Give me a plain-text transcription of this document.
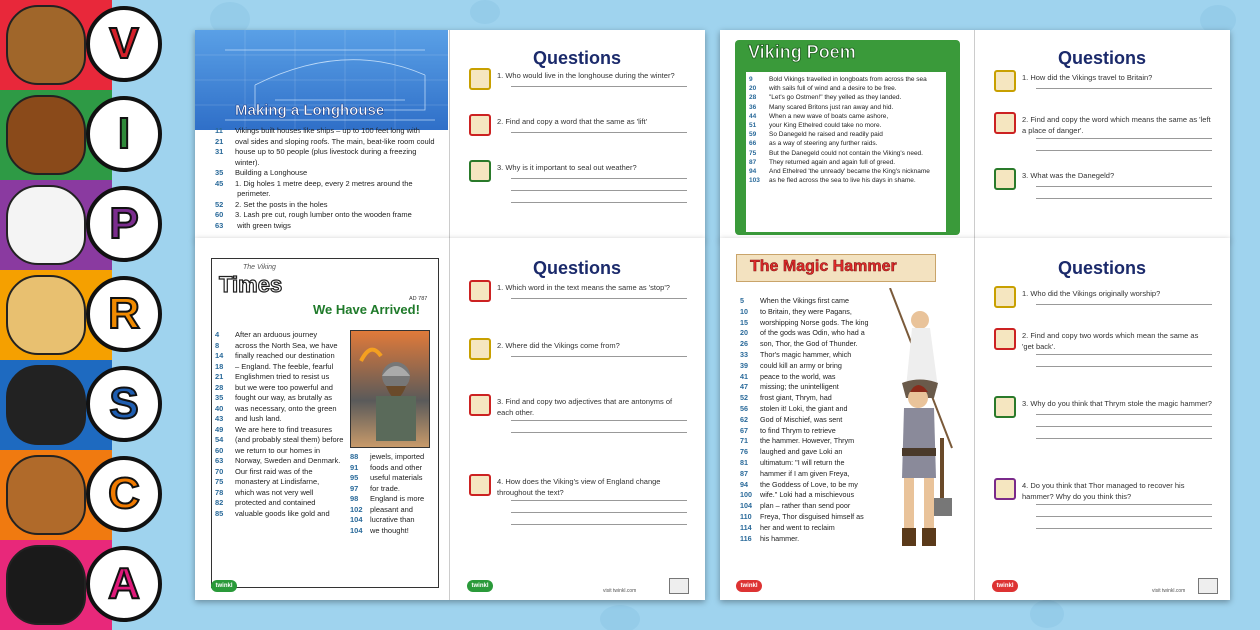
V
I
P
R
S
C
A
Making a Longhouse
11 Vikings built houses like ships – up to 100 feet long with
21 oval sides and sloping roofs. The main, beat-like room could
31 house up to 50 people (plus livestock during a freezing
winter).
35 Building a Longhouse
45 1. Dig holes 1 metre deep, every 2 metres around the
perimeter.
52 2. Set the posts in the holes
60 3. Lash pre cut, rough lumber onto the wooden frame
63 with green twigs
Questions
1. Who would live in the longhouse during the winter?
2. Find and copy a word that the same as 'lift'
3. Why is it important to seal out weather?
Viking Poem
9	Bold Vikings travelled in longboats from across the sea
20 with sails full of wind and a desire to be free.
28 "Let's go Ostmen!" they yelled as they landed.
36 Many scared Britons just ran away and hid.
44 When a new wave of boats came ashore,
51 your King Ethelred could take no more.
59 So Danegeld he raised and readily paid
66 as a way of steering any further raids.
75 But the Danegeld could not contain the Viking's need.
87 They returned again and again full of greed.
94 And Ethelred 'the unready' became the King's nickname
103 as he fled across the sea to live his days in shame.
Questions
1. How did the Vikings travel to Britain?
2. Find and copy the word which means the same as 'left a place of danger'.
3. What was the Danegeld?
The Viking
Times
AD 787
We Have Arrived!
4 After an arduous journey
8 across the North Sea, we have
14 finally reached our destination
18 – England. The feeble, fearful
21 Englishmen tried to resist us
28 but we were too powerful and
35 fought our way, as brutally as
40 was necessary, onto the green
43 and lush land.
49 We are here to find treasures
54 (and probably steal them) before
60 we return to our homes in
63 Norway, Sweden and Denmark.
70 Our first raid was of the
75 monastery at Lindisfarne,
78 which was not very well
82 protected and contained
85 valuable goods like gold and
88 jewels, imported
91 foods and other
95 useful materials
97 for trade.
98 England is more
102 pleasant and
104 lucrative than
104 we thought!
twinkl
Questions
twinkl
visit twinkl.com
1. Which word in the text means the same as 'stop'?
2. Where did the Vikings come from?
3. Find and copy two adjectives that are antonyms of each other.
4. How does the Viking's view of England change throughout the text?
The Magic Hammer
5 When the Vikings first came
10 to Britain, they were Pagans,
15 worshipping Norse gods. The king
20 of the gods was Odin, who had a
26 son, Thor, the God of Thunder.
33 Thor's magic hammer, which
39 could kill an army or bring
41 peace to the world, was
47 missing; the unintelligent
52 frost giant, Thrym, had
56 stolen it! Loki, the giant and
62 God of Mischief, was sent
67 to find Thrym to retrieve
71 the hammer. However, Thrym
76 laughed and gave Loki an
81 ultimatum: "I will return the
87 hammer if I am given Freya,
94 the Goddess of Love, to be my
100 wife." Loki had a mischievous
104 plan – rather than send poor
110 Freya, Thor disguised himself as
114 her and went to reclaim
116 his hammer.
twinkl
Questions
twinkl
visit twinkl.com
1. Who did the Vikings originally worship?
2. Find and copy two words which mean the same as 'get back'.
3. Why do you think that Thrym stole the magic hammer?
4. Do you think that Thor managed to recover his hammer? Why do you think this?
